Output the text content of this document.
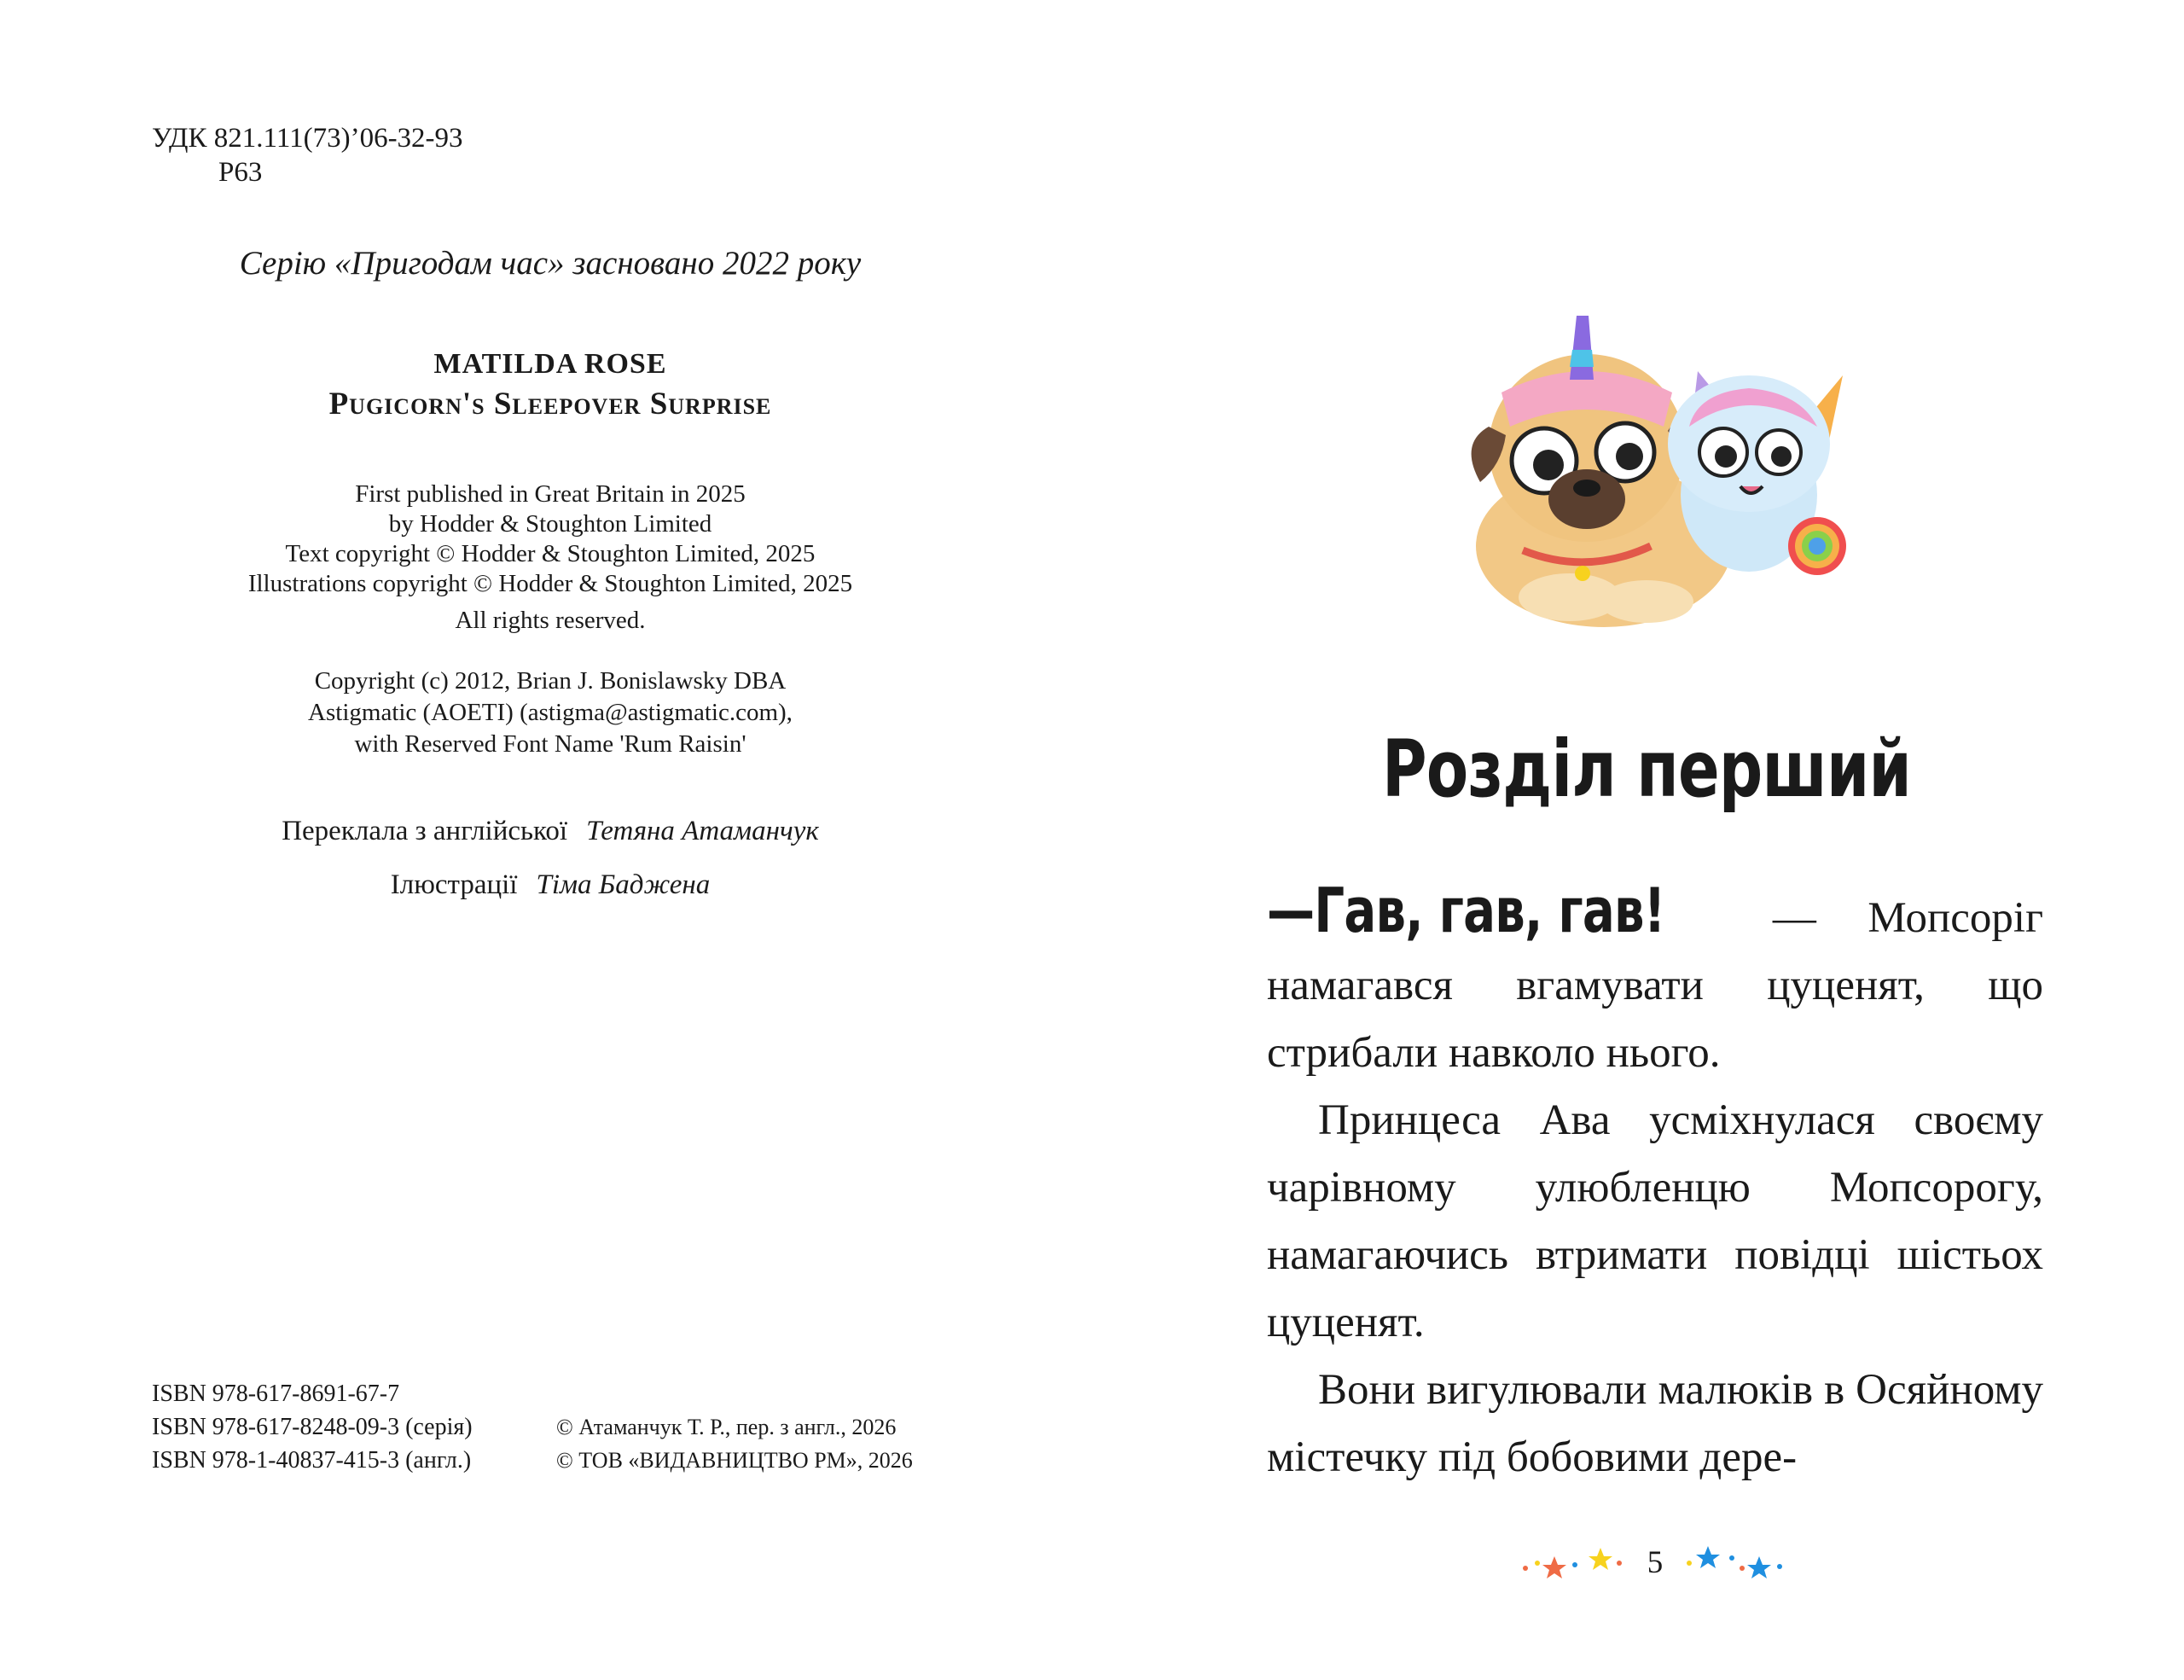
УДК 821.111(73)’06-32-93
Р63
Серію «Пригодам час» засновано 2022 року
MATILDA ROSE
Pugicorn's Sleepover Surprise
First published in Great Britain in 2025
by Hodder & Stoughton Limited
Text copyright © Hodder & Stoughton Limited, 2025
Illustrations copyright © Hodder & Stoughton Limited, 2025
All rights reserved.
Copyright (c) 2012, Brian J. Bonislawsky DBA
Astigmatic (AOETI) (astigma@astigmatic.com),
with Reserved Font Name 'Rum Raisin'
Переклала з англійської Тетяна Атаманчук
Ілюстрації Тіма Баджена
ISBN 978-617-8691-67-7
ISBN 978-617-8248-09-3 (серія)
ISBN 978-1-40837-415-3 (англ.)
© Атаманчук Т. Р., пер. з англ., 2026
© ТОВ «ВИДАВНИЦТВО РМ», 2026
Розділ перший

—Гав, гав, гав! — Мопсоріг намагався вгамувати цуценят, що стрибали навколо нього.

Принцеса Ава усміхнулася своєму чарівному улюбленцю Мопсорогу, намагаючись втримати повідці шістьох цуценят.

Вони вигулювали малюків в Осяйному містечку під бобовими дере-

5
